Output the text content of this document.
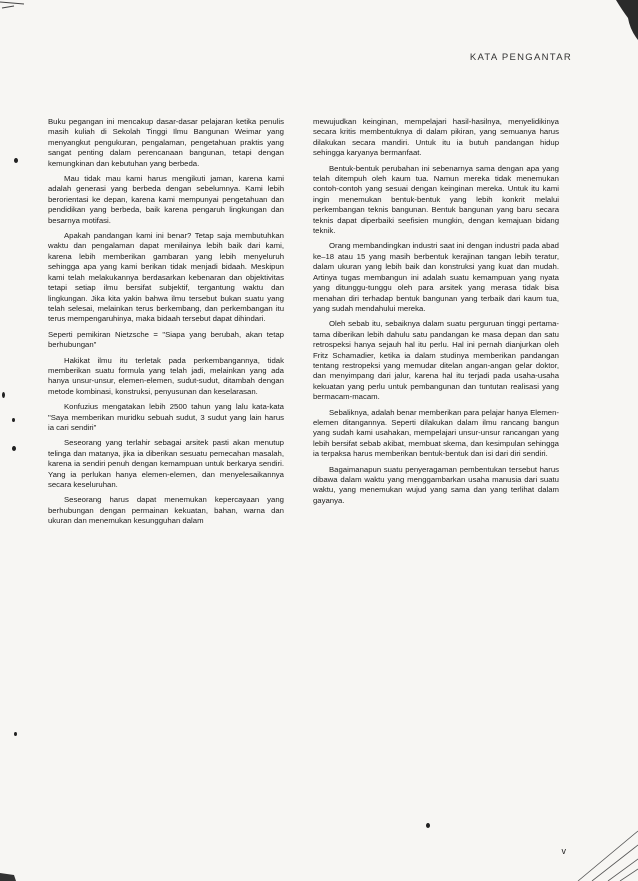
KATA PENGANTAR

Buku pegangan ini mencakup dasar-dasar pelajaran ketika penulis masih kuliah di Sekolah Tinggi Ilmu Bangunan Weimar yang menyangkut pengukuran, pengalaman, pengetahuan praktis yang sangat penting dalam perencanaan bangunan, tetapi dengan kemungkinan dan kebutuhan yang berbeda.

Mau tidak mau kami harus mengikuti jaman, karena kami adalah generasi yang berbeda dengan sebelumnya. Kami lebih berorientasi ke depan, karena kami mempunyai pengetahuan dan pendidikan yang berbeda, baik karena pengaruh lingkungan dan besarnya motifasi.

Apakah pandangan kami ini benar? Tetap saja membutuhkan waktu dan pengalaman dapat menilainya lebih baik dari kami, karena lebih memberikan gambaran yang lebih menyeluruh sehingga apa yang kami berikan tidak menjadi bidaah. Meskipun kami telah melakukannya berdasarkan kebenaran dan objektivitas tetapi setiap ilmu bersifat subjektif, tergantung waktu dan lingkungan. Jika kita yakin bahwa ilmu tersebut bukan suatu yang telah selesai, melainkan terus berkembang, dan perkembangan itu terus mempengaruhinya, maka bidaah tersebut dapat dihindari.

Seperti pemikiran Nietzsche = "Siapa yang berubah, akan tetap berhubungan"

Hakikat ilmu itu terletak pada perkembangannya, tidak memberikan suatu formula yang telah jadi, melainkan yang ada hanya unsur-unsur, elemen-elemen, sudut-sudut, ditambah dengan metode kombinasi, konstruksi, penyusunan dan keselarasan.

Konfuzius mengatakan lebih 2500 tahun yang lalu kata-kata "Saya memberikan muridku sebuah sudut, 3 sudut yang lain harus ia cari sendiri"

Seseorang yang terlahir sebagai arsitek pasti akan menutup telinga dan matanya, jika ia diberikan sesuatu pemecahan masalah, karena ia sendiri penuh dengan kemampuan untuk berkarya sendiri. Yang ia perlukan hanya elemen-elemen, dan menyelesaikannya secara keseluruhan.

Seseorang harus dapat menemukan kepercayaan yang berhubungan dengan permainan kekuatan, bahan, warna dan ukuran dan menemukan kesungguhan dalam

mewujudkan keinginan, mempelajari hasil-hasilnya, menyelidikinya secara kritis membentuknya di dalam pikiran, yang semuanya harus dilakukan secara mandiri. Untuk itu ia butuh pandangan hidup sehingga karyanya bermanfaat.

Bentuk-bentuk perubahan ini sebenarnya sama dengan apa yang telah ditempuh oleh kaum tua. Namun mereka tidak menemukan contoh-contoh yang sesuai dengan keinginan mereka. Untuk itu kami ingin menemukan bentuk-bentuk yang lebih konkrit melalui perkembangan teknis bangunan. Bentuk bangunan yang baru secara teknis dapat diperbaiki seefisien mungkin, dengan kemajuan bidang teknik.

Orang membandingkan industri saat ini dengan industri pada abad ke–18 atau 15 yang masih berbentuk kerajinan tangan lebih teratur, dalam ukuran yang lebih baik dan konstruksi yang kuat dan mudah. Artinya tugas membangun ini adalah suatu kemampuan yang nyata yang ditunggu-tunggu oleh para arsitek yang merasa tidak bisa menahan diri terhadap bentuk bangunan yang terbaik dari kaum tua, yang sudah mendahului mereka.

Oleh sebab itu, sebaiknya dalam suatu perguruan tinggi pertama-tama diberikan lebih dahulu satu pandangan ke masa depan dan satu retrospeksi hanya sejauh hal itu perlu. Hal ini pernah dianjurkan oleh Fritz Schamadier, ketika ia dalam studinya memberikan pandangan tentang restropeksi yang memudar ditelan angan-angan gelar doktor, dan menyimpang dari jalur, karena hal itu terjadi pada usaha-usaha kekuatan yang perlu untuk pembangunan dan tuntutan realisasi yang bermacam-macam.

Sebaliknya, adalah benar memberikan para pelajar hanya Elemen-elemen ditangannya. Seperti dilakukan dalam ilmu rancang bangun yang sudah kami usahakan, mempelajari unsur-unsur rancangan yang lebih bersifat sebab akibat, membuat skema, dan kesimpulan sehingga ia terpaksa harus memberikan bentuk-bentuk dan isi dari diri sendiri.

Bagaimanapun suatu penyeragaman pembentukan tersebut harus dibawa dalam waktu yang menggambarkan usaha manusia dari suatu waktu, yang menemukan wujud yang sama dan yang terlihat dalam gayanya.

v
